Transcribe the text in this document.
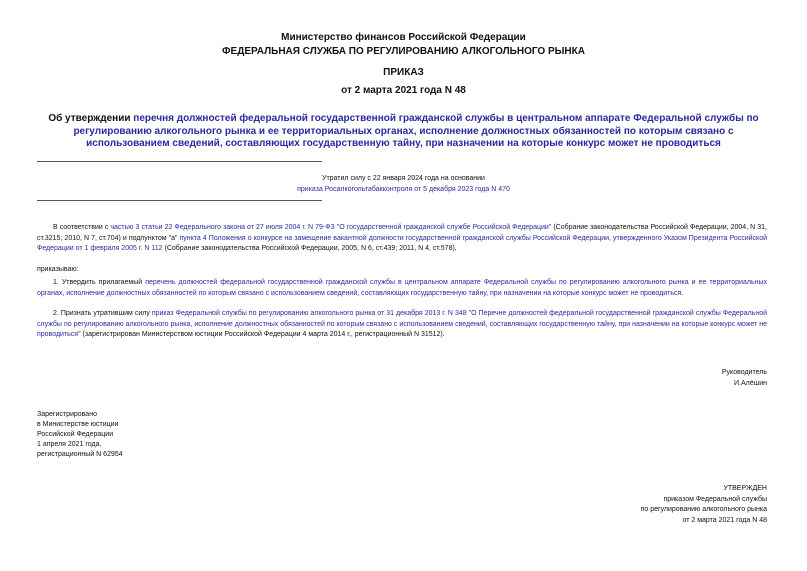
Министерство финансов Российской Федерации
ФЕДЕРАЛЬНАЯ СЛУЖБА ПО РЕГУЛИРОВАНИЮ АЛКОГОЛЬНОГО РЫНКА
ПРИКАЗ
от 2 марта 2021 года N 48
Об утверждении перечня должностей федеральной государственной гражданской службы в центральном аппарате Федеральной службы по регулированию алкогольного рынка и ее территориальных органах, исполнение должностных обязанностей по которым связано с использованием сведений, составляющих государственную тайну, при назначении на которые конкурс может не проводиться
Утратил силу с 22 января 2024 года на основании
приказа Росалкогольтабакконтроля от 5 декабря 2023 года N 470
В соответствии с частью 3 статьи 22 Федерального закона от 27 июля 2004 г. N 79-ФЗ "О государственной гражданской службе Российской Федерации" (Собрание законодательства Российской Федерации, 2004, N 31, ст.3215; 2010, N 7, ст.704) и подпунктом "а" пункта 4 Положения о конкурсе на замещение вакантной должности государственной гражданской службы Российской Федерации, утвержденного Указом Президента Российской Федерации от 1 февраля 2005 г. N 112 (Собрание законодательства Российской Федерации, 2005, N 6, ст.439; 2011, N 4, ст.578),
приказываю:
1. Утвердить прилагаемый перечень должностей федеральной государственной гражданской службы в центральном аппарате Федеральной службы по регулированию алкогольного рынка и ее территориальных органах, исполнение должностных обязанностей по которым связано с использованием сведений, составляющих государственную тайну, при назначении на которые конкурс может не проводиться.
2. Признать утратившим силу приказ Федеральной службы по регулированию алкогольного рынка от 31 декабря 2013 г. N 348 "О Перечне должностей федеральной государственной гражданской службы Федеральной службы по регулированию алкогольного рынка, исполнение должностных обязанностей по которым связано с использованием сведений, составляющих государственную тайну, при назначении на которые конкурс может не проводиться" (зарегистрирован Министерством юстиции Российской Федерации 4 марта 2014 г., регистрационный N 31512).
Руководитель
И.Алёшин
Зарегистрировано
в Министерстве юстиции
Российской Федерации
1 апреля 2021 года,
регистрационный N 62954
УТВЕРЖДЕН
приказом Федеральной службы
по регулированию алкогольного рынка
от 2 марта 2021 года N 48
